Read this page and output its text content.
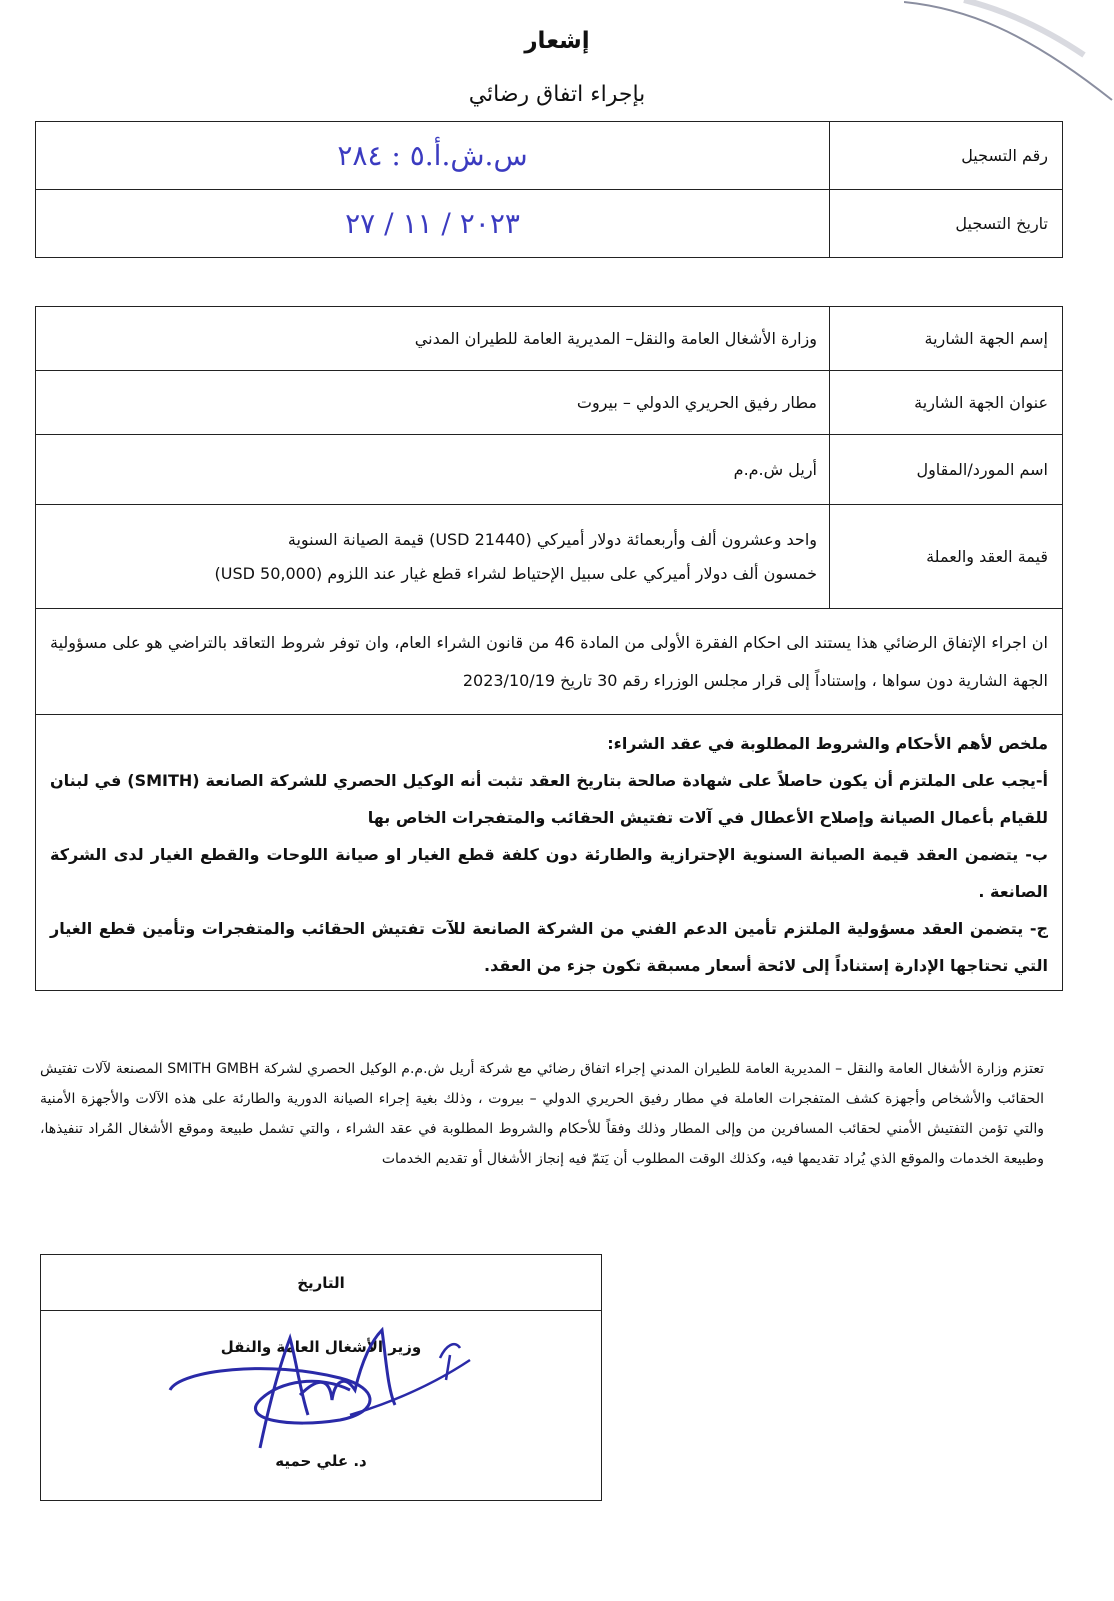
إشعار
بإجراء اتفاق رضائي
رقم التسجيل	س.ش.أ.٥ : ٢٨٤
تاريخ التسجيل	٢٠٢٣ / ١١ / ٢٧
إسم الجهة الشارية	وزارة الأشغال العامة والنقل– المديرية العامة للطيران المدني
عنوان الجهة الشارية	مطار رفيق الحريري الدولي – بيروت
اسم المورد/المقاول	أريل ش.م.م
قيمة العقد والعملة	واحد وعشرون ألف وأربعمائة دولار أميركي (USD 21440) قيمة الصيانة السنوية
خمسون ألف دولار أميركي على سبيل الإحتياط لشراء قطع غيار عند اللزوم (USD 50,000)

ان اجراء الإتفاق الرضائي هذا يستند الى احكام الفقرة الأولى من المادة 46 من قانون الشراء العام، وان توفر شروط التعاقد بالتراضي هو على مسؤولية الجهة الشارية دون سواها ، وإستناداً إلى قرار مجلس الوزراء رقم 30 تاريخ 2023/10/19	

ملخص لأهم الأحكام والشروط المطلوبة في عقد الشراء:
أ-يجب على الملتزم أن يكون حاصلاً على شهادة صالحة بتاريخ العقد تثبت أنه الوكيل الحصري للشركة الصانعة (SMITH) في لبنان للقيام بأعمال الصيانة وإصلاح الأعطال في آلات تفتيش الحقائب والمتفجرات الخاص بها
ب- يتضمن العقد قيمة الصيانة السنوية الإحترازية والطارئة دون كلفة قطع الغيار او صيانة اللوحات والقطع الغيار لدى الشركة الصانعة .
ج- يتضمن العقد مسؤولية الملتزم تأمين الدعم الفني من الشركة الصانعة للآت تفتيش الحقائب والمتفجرات وتأمين قطع الغيار التي تحتاجها الإدارة إستناداً إلى لائحة أسعار مسبقة تكون جزء من العقد.	
تعتزم وزارة الأشغال العامة والنقل – المديرية العامة للطيران المدني إجراء اتفاق رضائي مع شركة أريل ش.م.م الوكيل الحصري لشركة SMITH GMBH المصنعة لآلات تفتيش الحقائب والأشخاص وأجهزة كشف المتفجرات العاملة في مطار رفيق الحريري الدولي – بيروت ، وذلك بغية إجراء الصيانة الدورية والطارئة على هذه الآلات والأجهزة الأمنية والتي تؤمن التفتيش الأمني لحقائب المسافرين من وإلى المطار وذلك وفقاً للأحكام والشروط المطلوبة في عقد الشراء ، والتي تشمل طبيعة وموقع الأشغال المُراد تنفيذها، وطبيعة الخدمات والموقع الذي يُراد تقديمها فيه، وكذلك الوقت المطلوب أن يَتمّ فيه إنجاز الأشغال أو تقديم الخدمات
التاريخ

وزير الأشغال العامة والنقل
د. علي حميه
